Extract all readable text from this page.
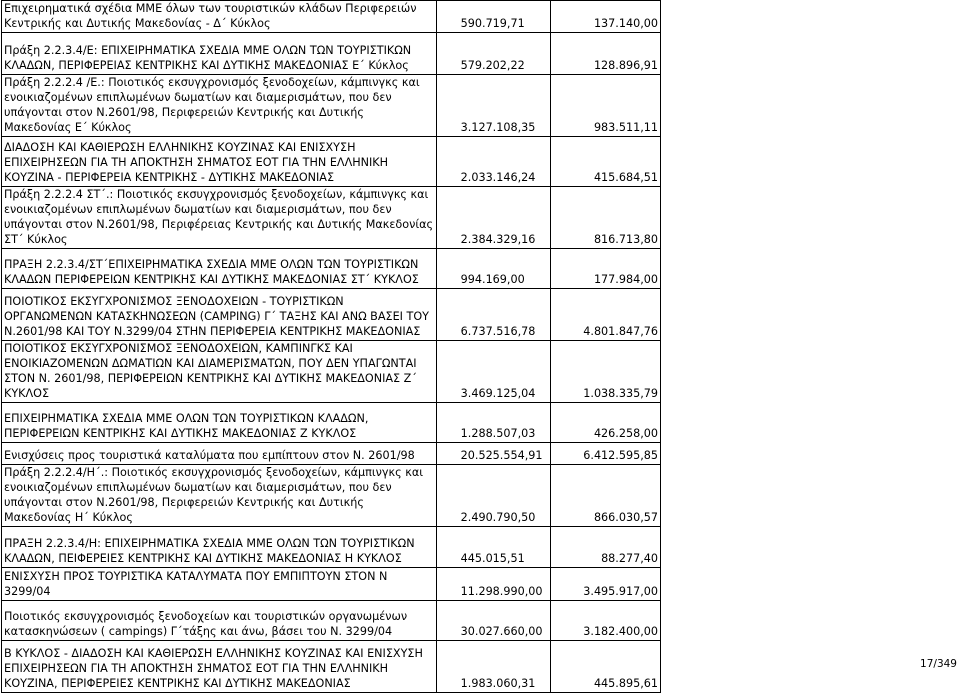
Επιχειρηματικά σχέδια ΜΜΕ όλων των τουριστικών κλάδων Περιφερειών Κεντρικής και Δυτικής Μακεδονίας - Δ΄ Κύκλος	590.719,71	137.140,00
Πράξη 2.2.3.4/Ε: ΕΠΙΧΕΙΡΗΜΑΤΙΚΑ ΣΧΕΔΙΑ ΜΜΕ ΟΛΩΝ ΤΩΝ ΤΟΥΡΙΣΤΙΚΩΝ ΚΛΑΔΩΝ, ΠΕΡΙΦΕΡΕΙΑΣ ΚΕΝΤΡΙΚΗΣ ΚΑΙ ΔΥΤΙΚΗΣ ΜΑΚΕΔΟΝΙΑΣ Ε΄ Κύκλος	579.202,22	128.896,91
Πράξη 2.2.2.4 /Ε.: Ποιοτικός εκσυγχρονισμός ξενοδοχείων, κάμπινγκς και ενοικιαζομένων επιπλωμένων δωματίων και διαμερισμάτων, που δεν υπάγονται στον Ν.2601/98, Περιφερειών Κεντρικής και Δυτικής Μακεδονίας Ε΄ Κύκλος	3.127.108,35	983.511,11
ΔΙΑΔΟΣΗ ΚΑΙ ΚΑΘΙΕΡΩΣΗ ΕΛΛΗΝΙΚΗΣ ΚΟΥΖΙΝΑΣ ΚΑΙ ΕΝΙΣΧΥΣΗ ΕΠΙΧΕΙΡΗΣΕΩΝ ΓΙΑ ΤΗ ΑΠΟΚΤΗΣΗ ΣΗΜΑΤΟΣ ΕΟΤ ΓΙΑ ΤΗΝ ΕΛΛΗΝΙΚΗ ΚΟΥΖΙΝΑ - ΠΕΡΙΦΕΡΕΙΑ ΚΕΝΤΡΙΚΗΣ - ΔΥΤΙΚΗΣ ΜΑΚΕΔΟΝΙΑΣ	2.033.146,24	415.684,51
Πράξη 2.2.2.4 ΣΤ΄.: Ποιοτικός εκσυγχρονισμός ξενοδοχείων, κάμπινγκς και ενοικιαζομένων επιπλωμένων δωματίων και διαμερισμάτων, που δεν υπάγονται στον Ν.2601/98, Περιφέρειας Κεντρικής και Δυτικής Μακεδονίας ΣΤ΄ Κύκλος	2.384.329,16	816.713,80
ΠΡΑΞΗ 2.2.3.4/ΣΤ΄ΕΠΙΧΕΙΡΗΜΑΤΙΚΑ ΣΧΕΔΙΑ ΜΜΕ ΟΛΩΝ ΤΩΝ ΤΟΥΡΙΣΤΙΚΩΝ ΚΛΑΔΩΝ ΠΕΡΙΦΕΡΕΙΩΝ ΚΕΝΤΡΙΚΗΣ ΚΑΙ ΔΥΤΙΚΗΣ ΜΑΚΕΔΟΝΙΑΣ ΣΤ΄ ΚΥΚΛΟΣ	994.169,00	177.984,00
ΠΟΙΟΤΙΚΟΣ ΕΚΣΥΓΧΡΟΝΙΣΜΟΣ ΞΕΝΟΔΟΧΕΙΩΝ - ΤΟΥΡΙΣΤΙΚΩΝ ΟΡΓΑΝΩΜΕΝΩΝ ΚΑΤΑΣΚΗΝΩΣΕΩΝ (CAMPING) Γ΄ ΤΑΞΗΣ ΚΑΙ ΑΝΩ ΒΑΣΕΙ ΤΟΥ Ν.2601/98 ΚΑΙ ΤΟΥ Ν.3299/04 ΣΤΗΝ ΠΕΡΙΦΕΡΕΙΑ ΚΕΝΤΡΙΚΗΣ ΜΑΚΕΔΟΝΙΑΣ	6.737.516,78	4.801.847,76
ΠΟΙΟΤΙΚΟΣ ΕΚΣΥΓΧΡΟΝΙΣΜΟΣ ΞΕΝΟΔΟΧΕΙΩΝ, ΚΑΜΠΙΝΓΚΣ ΚΑΙ ΕΝΟΙΚΙΑΖΟΜΕΝΩΝ ΔΩΜΑΤΙΩΝ ΚΑΙ ΔΙΑΜΕΡΙΣΜΑΤΩΝ, ΠΟΥ ΔΕΝ ΥΠΑΓΩΝΤΑΙ ΣΤΟΝ Ν. 2601/98, ΠΕΡΙΦΕΡΕΙΩΝ ΚΕΝΤΡΙΚΗΣ ΚΑΙ ΔΥΤΙΚΗΣ ΜΑΚΕΔΟΝΙΑΣ Ζ΄ ΚΥΚΛΟΣ	3.469.125,04	1.038.335,79
ΕΠΙΧΕΙΡΗΜΑΤΙΚΑ ΣΧΕΔΙΑ ΜΜΕ ΟΛΩΝ ΤΩΝ ΤΟΥΡΙΣΤΙΚΩΝ ΚΛΑΔΩΝ, ΠΕΡΙΦΕΡΕΙΩΝ ΚΕΝΤΡΙΚΗΣ ΚΑΙ ΔΥΤΙΚΗΣ ΜΑΚΕΔΟΝΙΑΣ Ζ ΚΥΚΛΟΣ	1.288.507,03	426.258,00
Ενισχύσεις προς τουριστικά καταλύματα που εμπίπτουν στον Ν. 2601/98	20.525.554,91	6.412.595,85
Πράξη 2.2.2.4/Η΄.: Ποιοτικός εκσυγχρονισμός ξενοδοχείων, κάμπινγκς και ενοικιαζομένων επιπλωμένων δωματίων και διαμερισμάτων, που δεν υπάγονται στον Ν.2601/98, Περιφερειών Κεντρικής και Δυτικής Μακεδονίας Η΄ Κύκλος	2.490.790,50	866.030,57
ΠΡΑΞΗ 2.2.3.4/Η: ΕΠΙΧΕΙΡΗΜΑΤΙΚΑ ΣΧΕΔΙΑ ΜΜΕ ΟΛΩΝ ΤΩΝ ΤΟΥΡΙΣΤΙΚΩΝ ΚΛΑΔΩΝ, ΠΕΙΦΕΡΕΙΕΣ ΚΕΝΤΡΙΚΗΣ ΚΑΙ ΔΥΤΙΚΗΣ ΜΑΚΕΔΟΝΙΑΣ Η ΚΥΚΛΟΣ	445.015,51	88.277,40
ΕΝΙΣΧΥΣΗ ΠΡΟΣ ΤΟΥΡΙΣΤΙΚΑ ΚΑΤΑΛΥΜΑΤΑ ΠΟΥ ΕΜΠΙΠΤΟΥΝ ΣΤΟΝ Ν 3299/04	11.298.990,00	3.495.917,00
Ποιοτικός εκσυγχρονισμός ξενοδοχείων και τουριστικών οργανωμένων κατασκηνώσεων ( campings) Γ΄τάξης και άνω, βάσει του Ν. 3299/04	30.027.660,00	3.182.400,00
Β ΚΥΚΛΟΣ - ΔΙΑΔΟΣΗ ΚΑΙ ΚΑΘΙΕΡΩΣΗ ΕΛΛΗΝΙΚΗΣ ΚΟΥΖΙΝΑΣ ΚΑΙ ΕΝΙΣΧΥΣΗ ΕΠΙΧΕΙΡΗΣΕΩΝ ΓΙΑ ΤΗ ΑΠΟΚΤΗΣΗ ΣΗΜΑΤΟΣ ΕΟΤ ΓΙΑ ΤΗΝ ΕΛΛΗΝΙΚΗ ΚΟΥΖΙΝΑ, ΠΕΡΙΦΕΡΕΙΕΣ ΚΕΝΤΡΙΚΗΣ ΚΑΙ ΔΥΤΙΚΗΣ ΜΑΚΕΔΟΝΙΑΣ	1.983.060,31	445.895,61
17/349
